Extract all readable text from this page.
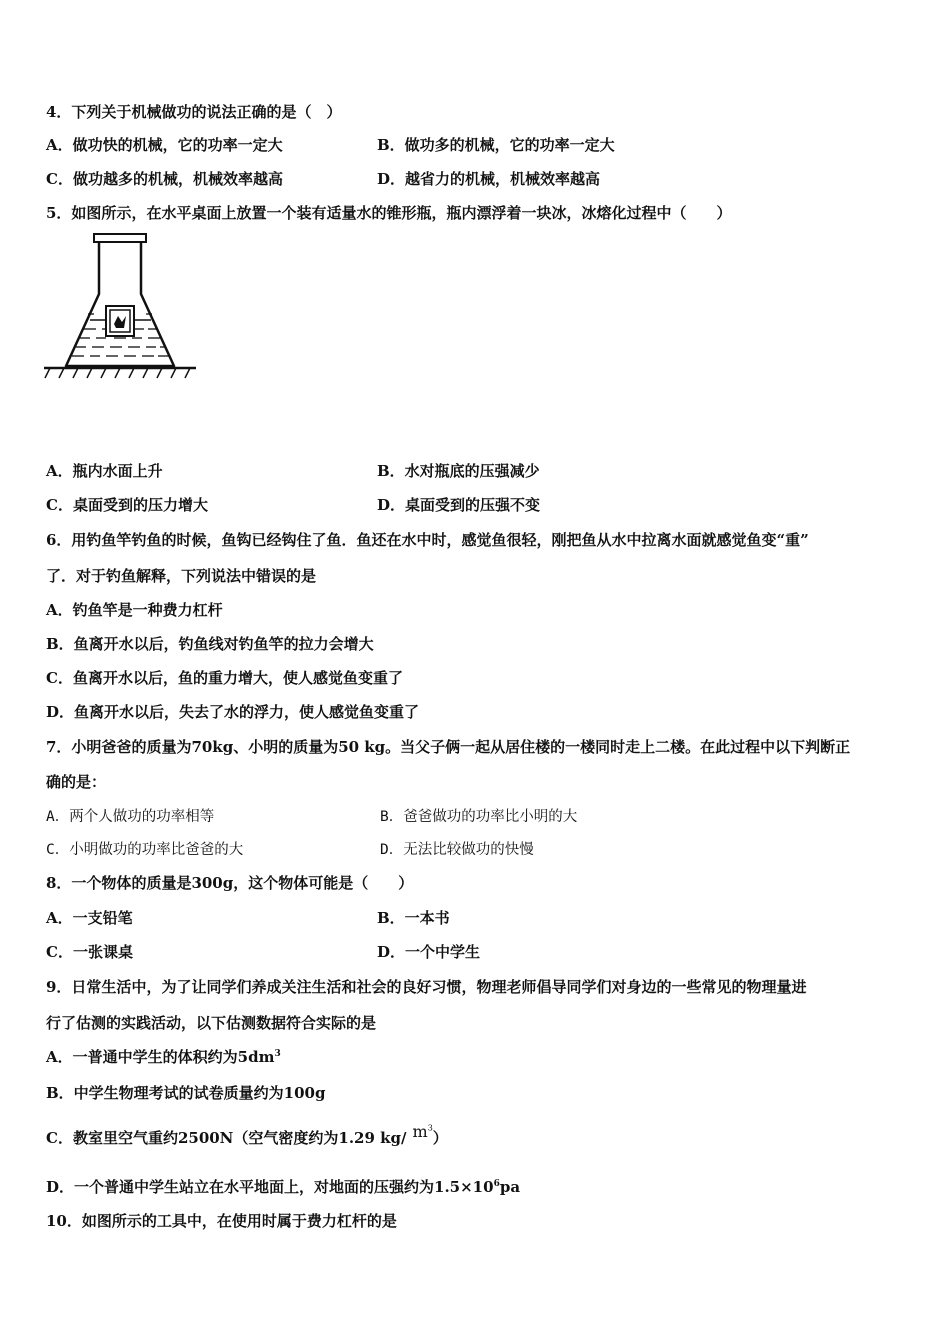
4．下列关于机械做功的说法正确的是（　）
A．做功快的机械，它的功率一定大	B．做功多的机械，它的功率一定大
C．做功越多的机械，机械效率越高	D．越省力的机械，机械效率越高
5．如图所示，在水平桌面上放置一个装有适量水的锥形瓶，瓶内漂浮着一块冰，冰熔化过程中（　　）
A．瓶内水面上升	B．水对瓶底的压强减少
C．桌面受到的压力增大	D．桌面受到的压强不变
6．用钓鱼竿钓鱼的时候，鱼钩已经钩住了鱼．鱼还在水中时，感觉鱼很轻，刚把鱼从水中拉离水面就感觉鱼变“重”
了．对于钓鱼解释，下列说法中错误的是
A．钓鱼竿是一种费力杠杆
B．鱼离开水以后，钓鱼线对钓鱼竿的拉力会增大
C．鱼离开水以后，鱼的重力增大，使人感觉鱼变重了
D．鱼离开水以后，失去了水的浮力，使人感觉鱼变重了
7．小明爸爸的质量为70kg、小明的质量为50 kg。当父子俩一起从居住楼的一楼同时走上二楼。在此过程中以下判断正
确的是：
A．两个人做功的功率相等	B．爸爸做功的功率比小明的大
C．小明做功的功率比爸爸的大	D．无法比较做功的快慢
8．一个物体的质量是300g，这个物体可能是（　　）
A．一支铅笔	B．一本书
C．一张课桌	D．一个中学生
9．日常生活中，为了让同学们养成关注生活和社会的良好习惯，物理老师倡导同学们对身边的一些常见的物理量进
行了估测的实践活动，以下估测数据符合实际的是
A．一普通中学生的体积约为$5dm^3$
B．中学生物理考试的试卷质量约为100g
C．教室里空气重约2500N（空气密度约为1.29 kg/ $m^3$）
D．一个普通中学生站立在水平地面上，对地面的压强约为$1.5\times 10^6pa$
10．如图所示的工具中，在使用时属于费力杠杆的是
